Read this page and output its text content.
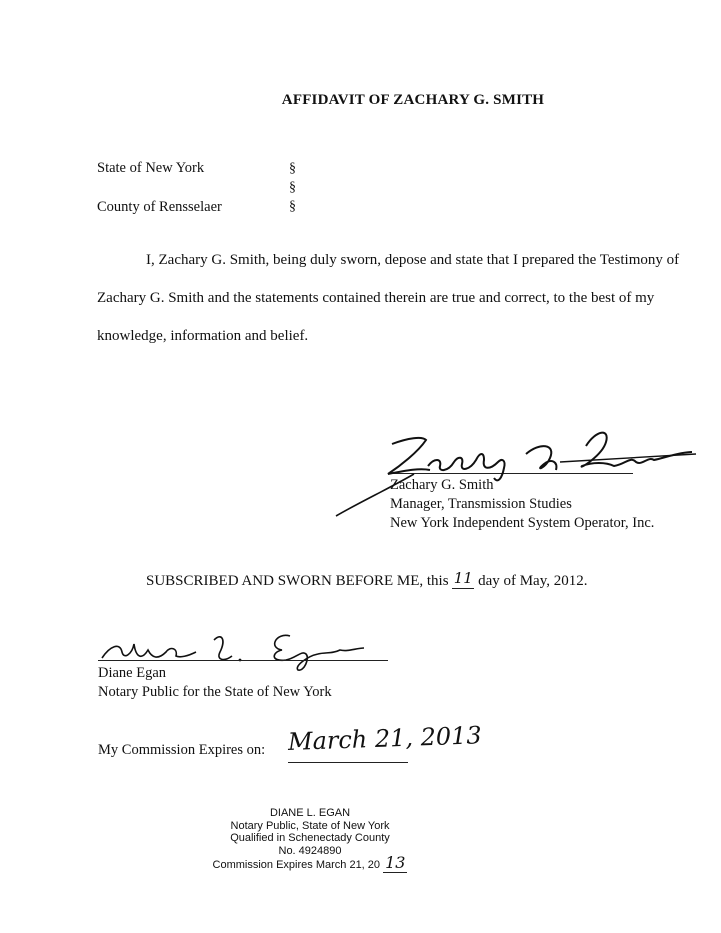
AFFIDAVIT OF ZACHARY G. SMITH
State of New York
County of Rensselaer
§
§
§
I, Zachary G. Smith, being duly sworn, depose and state that I prepared the Testimony of
Zachary G. Smith and the statements contained therein are true and correct, to the best of my
knowledge, information and belief.
Zachary G. Smith
Manager, Transmission Studies
New York Independent System Operator, Inc.
SUBSCRIBED AND SWORN BEFORE ME, this 11 day of May, 2012.
Diane Egan
Notary Public for the State of New York
My Commission Expires on: March 21, 2013
DIANE L. EGAN
Notary Public, State of New York
Qualified in Schenectady County
No. 4924890
Commission Expires March 21, 20 13
